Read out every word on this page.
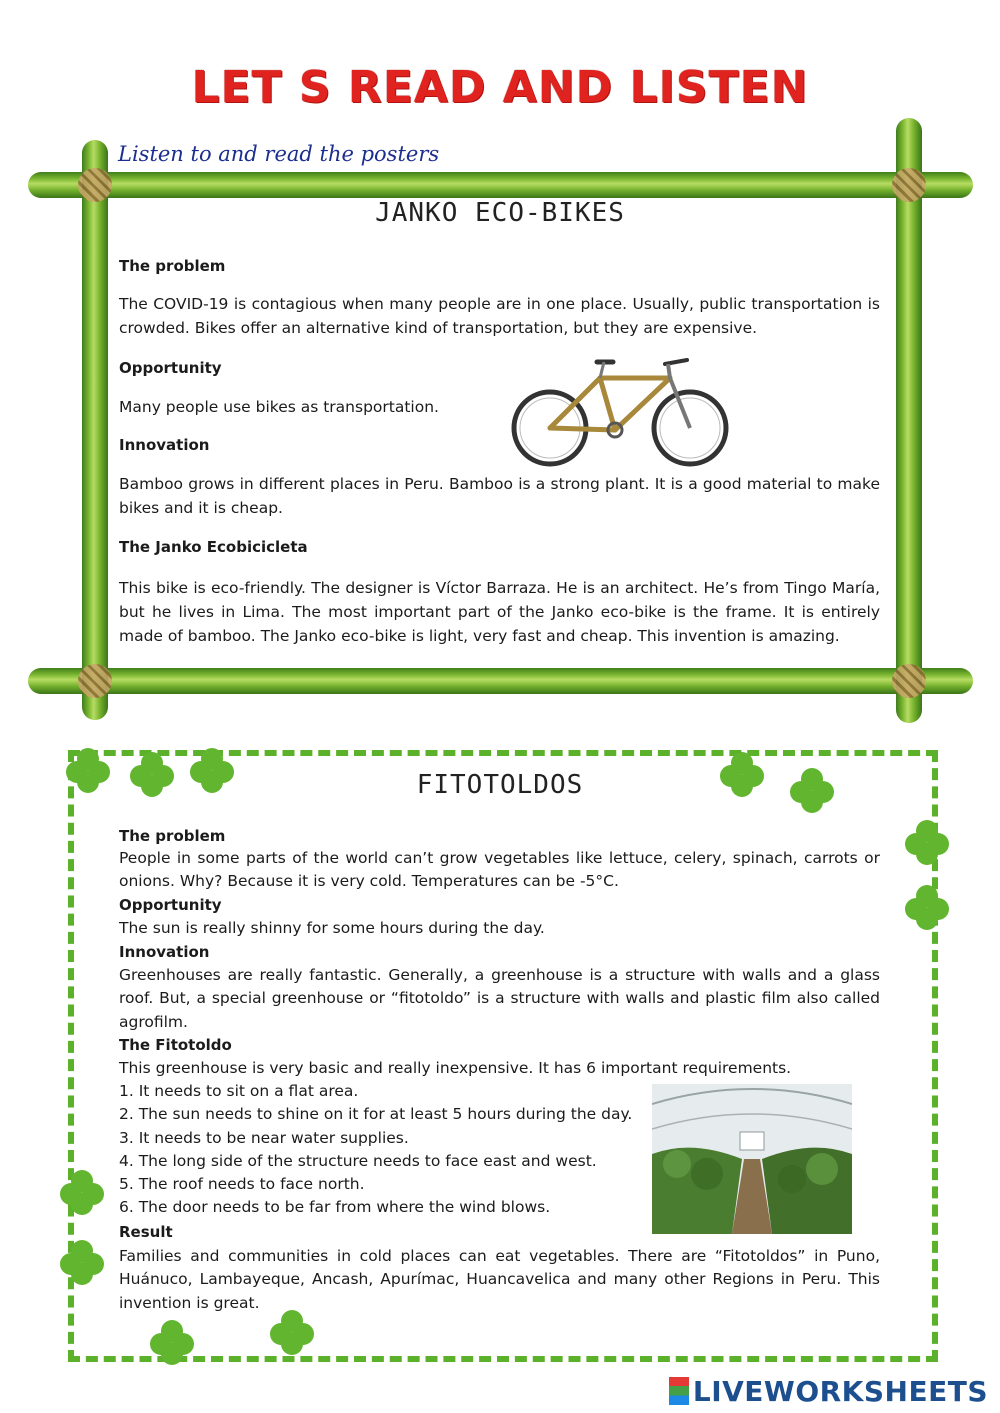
LET S READ AND LISTEN
Listen to and read the posters
JANKO ECO-BIKES
The problem
The COVID-19 is contagious when many people are in one place. Usually, public transportation is crowded. Bikes offer an alternative kind of transportation, but they are expensive.
Opportunity
Many people use bikes as transportation.
Innovation
Bamboo grows in different places in Peru. Bamboo is a strong plant. It is a good material to make bikes and it is cheap.
The Janko Ecobicicleta
This bike is eco-friendly. The designer is Víctor Barraza. He is an architect. He’s from Tingo María, but he lives in Lima. The most important part of the Janko eco-bike is the frame. It is entirely made of bamboo. The Janko eco-bike is light, very fast and cheap. This invention is amazing.
FITOTOLDOS
The problem
People in some parts of the world can’t grow vegetables like lettuce, celery, spinach, carrots or onions. Why? Because it is very cold. Temperatures can be -5°C.
Opportunity
The sun is really shinny for some hours during the day.
Innovation
Greenhouses are really fantastic. Generally, a greenhouse is a structure with walls and a glass roof. But, a special greenhouse or “fitotoldo” is a structure with walls and plastic film also called agrofilm.
The Fitotoldo
This greenhouse is very basic and really inexpensive. It has 6 important requirements.
1. It needs to sit on a flat area.
2. The sun needs to shine on it for at least 5 hours during the day.
3. It needs to be near water supplies.
4. The long side of the structure needs to face east and west.
5. The roof needs to face north.
6. The door needs to be far from where the wind blows.
Result
Families and communities in cold places can eat vegetables. There are “Fitotoldos” in Puno, Huánuco, Lambayeque, Ancash, Apurímac, Huancavelica and many other Regions in Peru. This invention is great.
LIVEWORKSHEETS
